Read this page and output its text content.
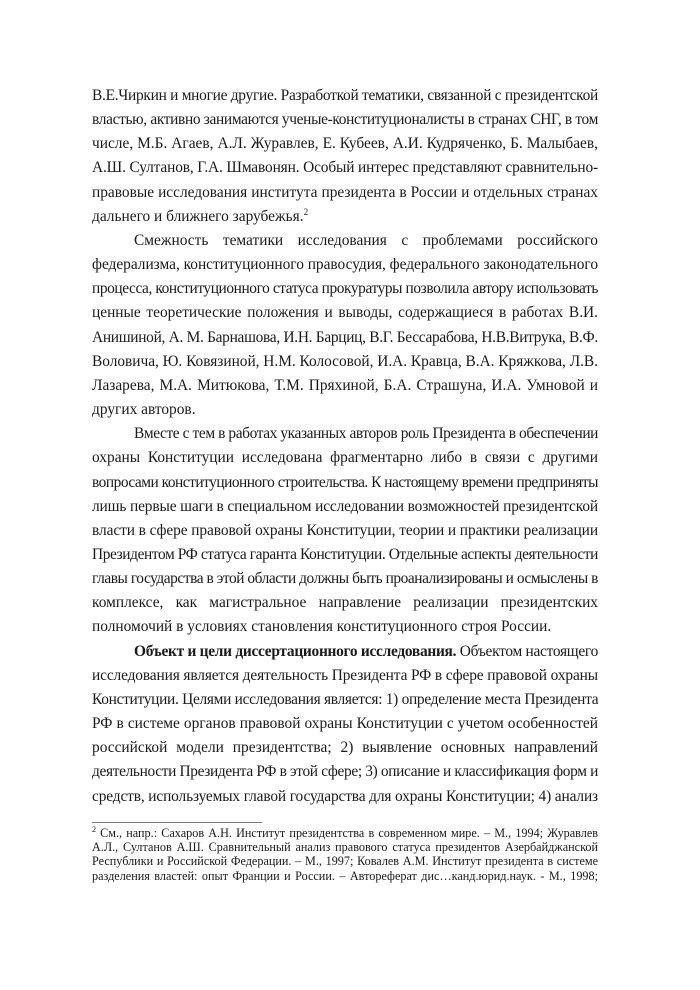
В.Е.Чиркин и многие другие. Разработкой тематики, связанной с президентской
властью, активно занимаются ученые-конституционалисты в странах СНГ, в том
числе, М.Б. Агаев, А.Л. Журавлев, Е. Кубеев, А.И. Кудряченко, Б. Малыбаев,
А.Ш. Султанов, Г.А. Шмавонян. Особый интерес представляют сравнительно-
правовые исследования института президента в России и отдельных странах
дальнего и ближнего зарубежья.$^2$
Смежность тематики исследования с проблемами российского
федерализма, конституционного правосудия, федерального законодательного
процесса, конституционного статуса прокуратуры позволила автору использовать
ценные теоретические положения и выводы, содержащиеся в работах В.И.
Анишиной, А. М. Барнашова, И.Н. Барциц, В.Г. Бессарабова, Н.В.Витрука, В.Ф.
Воловича, Ю. Ковязиной, Н.М. Колосовой, И.А. Кравца, В.А. Кряжкова, Л.В.
Лазарева, М.А. Митюкова, Т.М. Пряхиной, Б.А. Страшуна, И.А. Умновой и
других авторов.
Вместе с тем в работах указанных авторов роль Президента в обеспечении
охраны Конституции исследована фрагментарно либо в связи с другими
вопросами конституционного строительства. К настоящему времени предприняты
лишь первые шаги в специальном исследовании возможностей президентской
власти в сфере правовой охраны Конституции, теории и практики реализации
Президентом РФ статуса гаранта Конституции. Отдельные аспекты деятельности
главы государства в этой области должны быть проанализированы и осмыслены в
комплексе, как магистральное направление реализации президентских
полномочий в условиях становления конституционного строя России.
Объект и цели диссертационного исследования. Объектом настоящего
исследования является деятельность Президента РФ в сфере правовой охраны
Конституции. Целями исследования является: 1) определение места Президента
РФ в системе органов правовой охраны Конституции с учетом особенностей
российской модели президентства; 2) выявление основных направлений
деятельности Президента РФ в этой сфере; 3) описание и классификация форм и
средств, используемых главой государства для охраны Конституции; 4) анализ
$^2$ См., напр.: Сахаров А.Н. Институт президентства в современном мире. – М., 1994; Журавлев
А.Л., Султанов А.Ш. Сравнительный анализ правового статуса президентов Азербайджанской
Республики и Российской Федерации. – М., 1997; Ковалев А.М. Институт президента в системе
разделения властей: опыт Франции и России. – Автореферат дис…канд.юрид.наук. - М., 1998;
